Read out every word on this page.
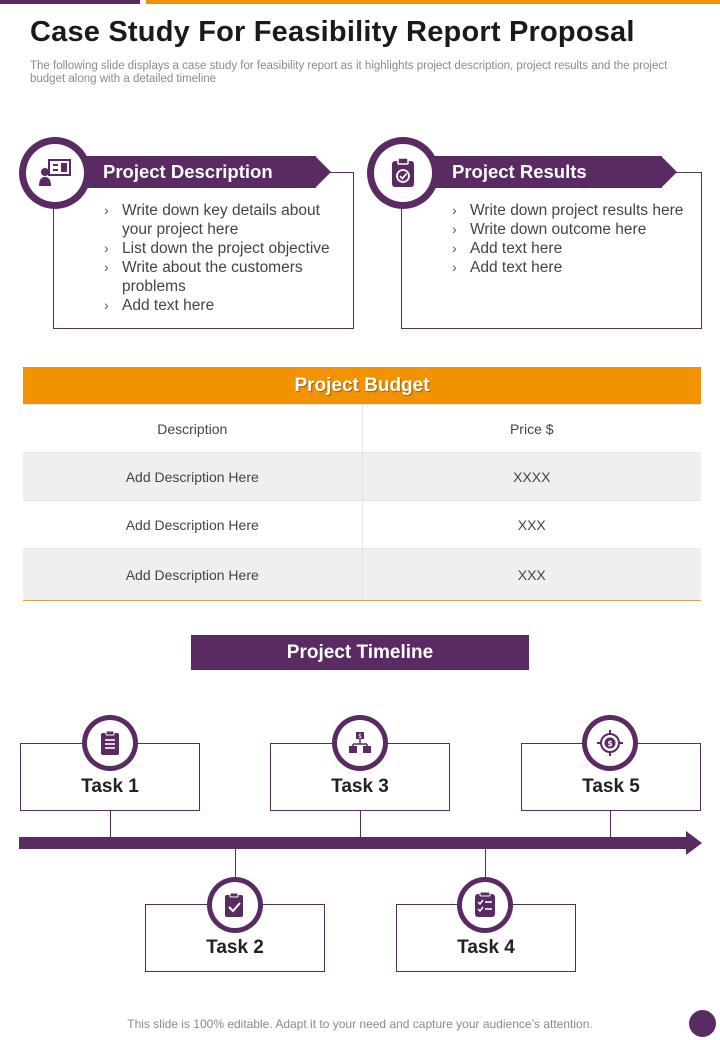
Case Study For Feasibility Report Proposal

The following slide displays a case study for feasibility report as it highlights project description, project results and the project budget along with a detailed timeline

› Write down key details about your project here
› List down the project objective
› Write about the customers problems
› Add text here
Project Description
› Write down project results here
› Write down outcome here
› Add text here
› Add text here
Project Results
Project Budget
Description	Price $
Add Description Here	XXXX
Add Description Here	XXX
Add Description Here	XXX
Project Timeline
Task 1	Task 3
$
Task 5
$
Task 2	Task 4
This slide is 100% editable. Adapt it to your need and capture your audience’s attention.
